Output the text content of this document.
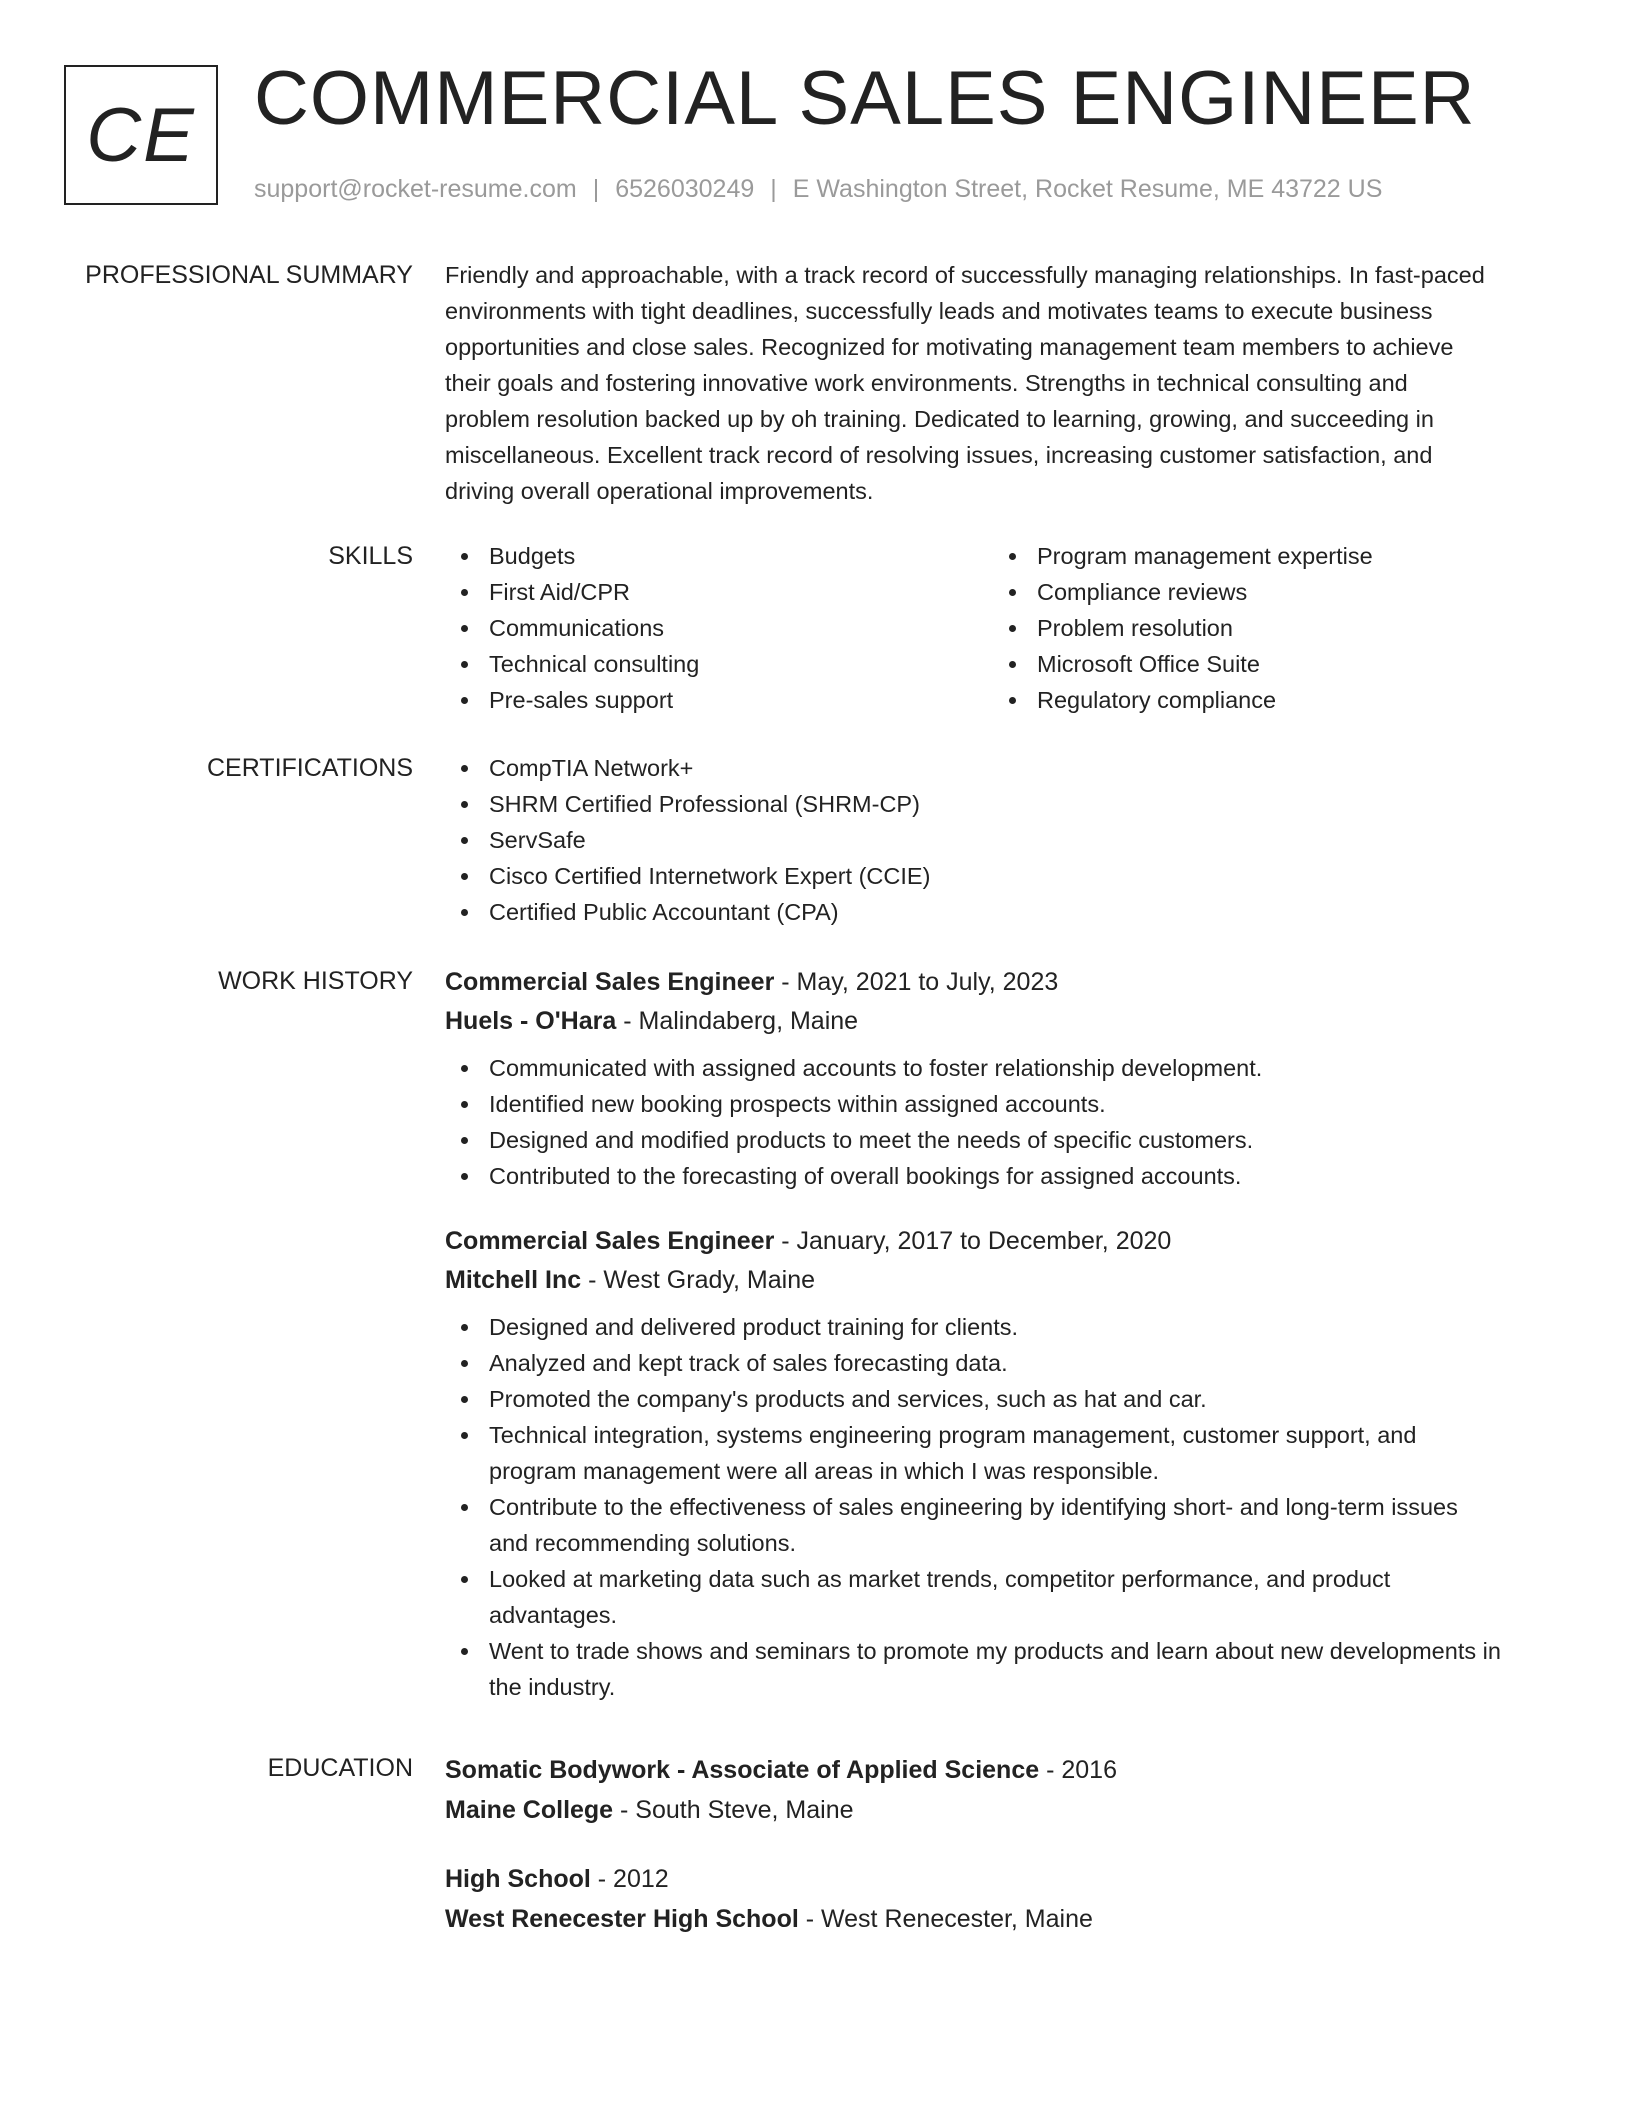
CE COMMERCIAL SALES ENGINEER
support@rocket-resume.com | 6526030249 | E Washington Street, Rocket Resume, ME 43722 US
PROFESSIONAL SUMMARY Friendly and approachable, with a track record of successfully managing relationships. In fast-paced
environments with tight deadlines, successfully leads and motivates teams to execute business
opportunities and close sales. Recognized for motivating management team members to achieve
their goals and fostering innovative work environments. Strengths in technical consulting and
problem resolution backed up by oh training. Dedicated to learning, growing, and succeeding in
miscellaneous. Excellent track record of resolving issues, increasing customer satisfaction, and
driving overall operational improvements.
SKILLS	Budgets
First Aid/CPR
Communications
Technical consulting
Pre-sales support
Program management expertise
Compliance reviews
Problem resolution
Microsoft Office Suite
Regulatory compliance
CERTIFICATIONS	CompTIA Network+
SHRM Certified Professional (SHRM-CP)
ServSafe
Cisco Certified Internetwork Expert (CCIE)
Certified Public Accountant (CPA)
WORK HISTORY Commercial Sales Engineer - May, 2021 to July, 2023
Huels - O'Hara - Malindaberg, Maine
Communicated with assigned accounts to foster relationship development.
Identified new booking prospects within assigned accounts.
Designed and modified products to meet the needs of specific customers.
Contributed to the forecasting of overall bookings for assigned accounts.
Commercial Sales Engineer - January, 2017 to December, 2020
Mitchell Inc - West Grady, Maine
Designed and delivered product training for clients.
Analyzed and kept track of sales forecasting data.
Promoted the company's products and services, such as hat and car.
Technical integration, systems engineering program management, customer support, and
program management were all areas in which I was responsible.
Contribute to the effectiveness of sales engineering by identifying short- and long-term issues
and recommending solutions.
Looked at marketing data such as market trends, competitor performance, and product
advantages.
Went to trade shows and seminars to promote my products and learn about new developments in
the industry.
EDUCATION Somatic Bodywork - Associate of Applied Science - 2016
Maine College - South Steve, Maine
High School - 2012
West Renecester High School - West Renecester, Maine
